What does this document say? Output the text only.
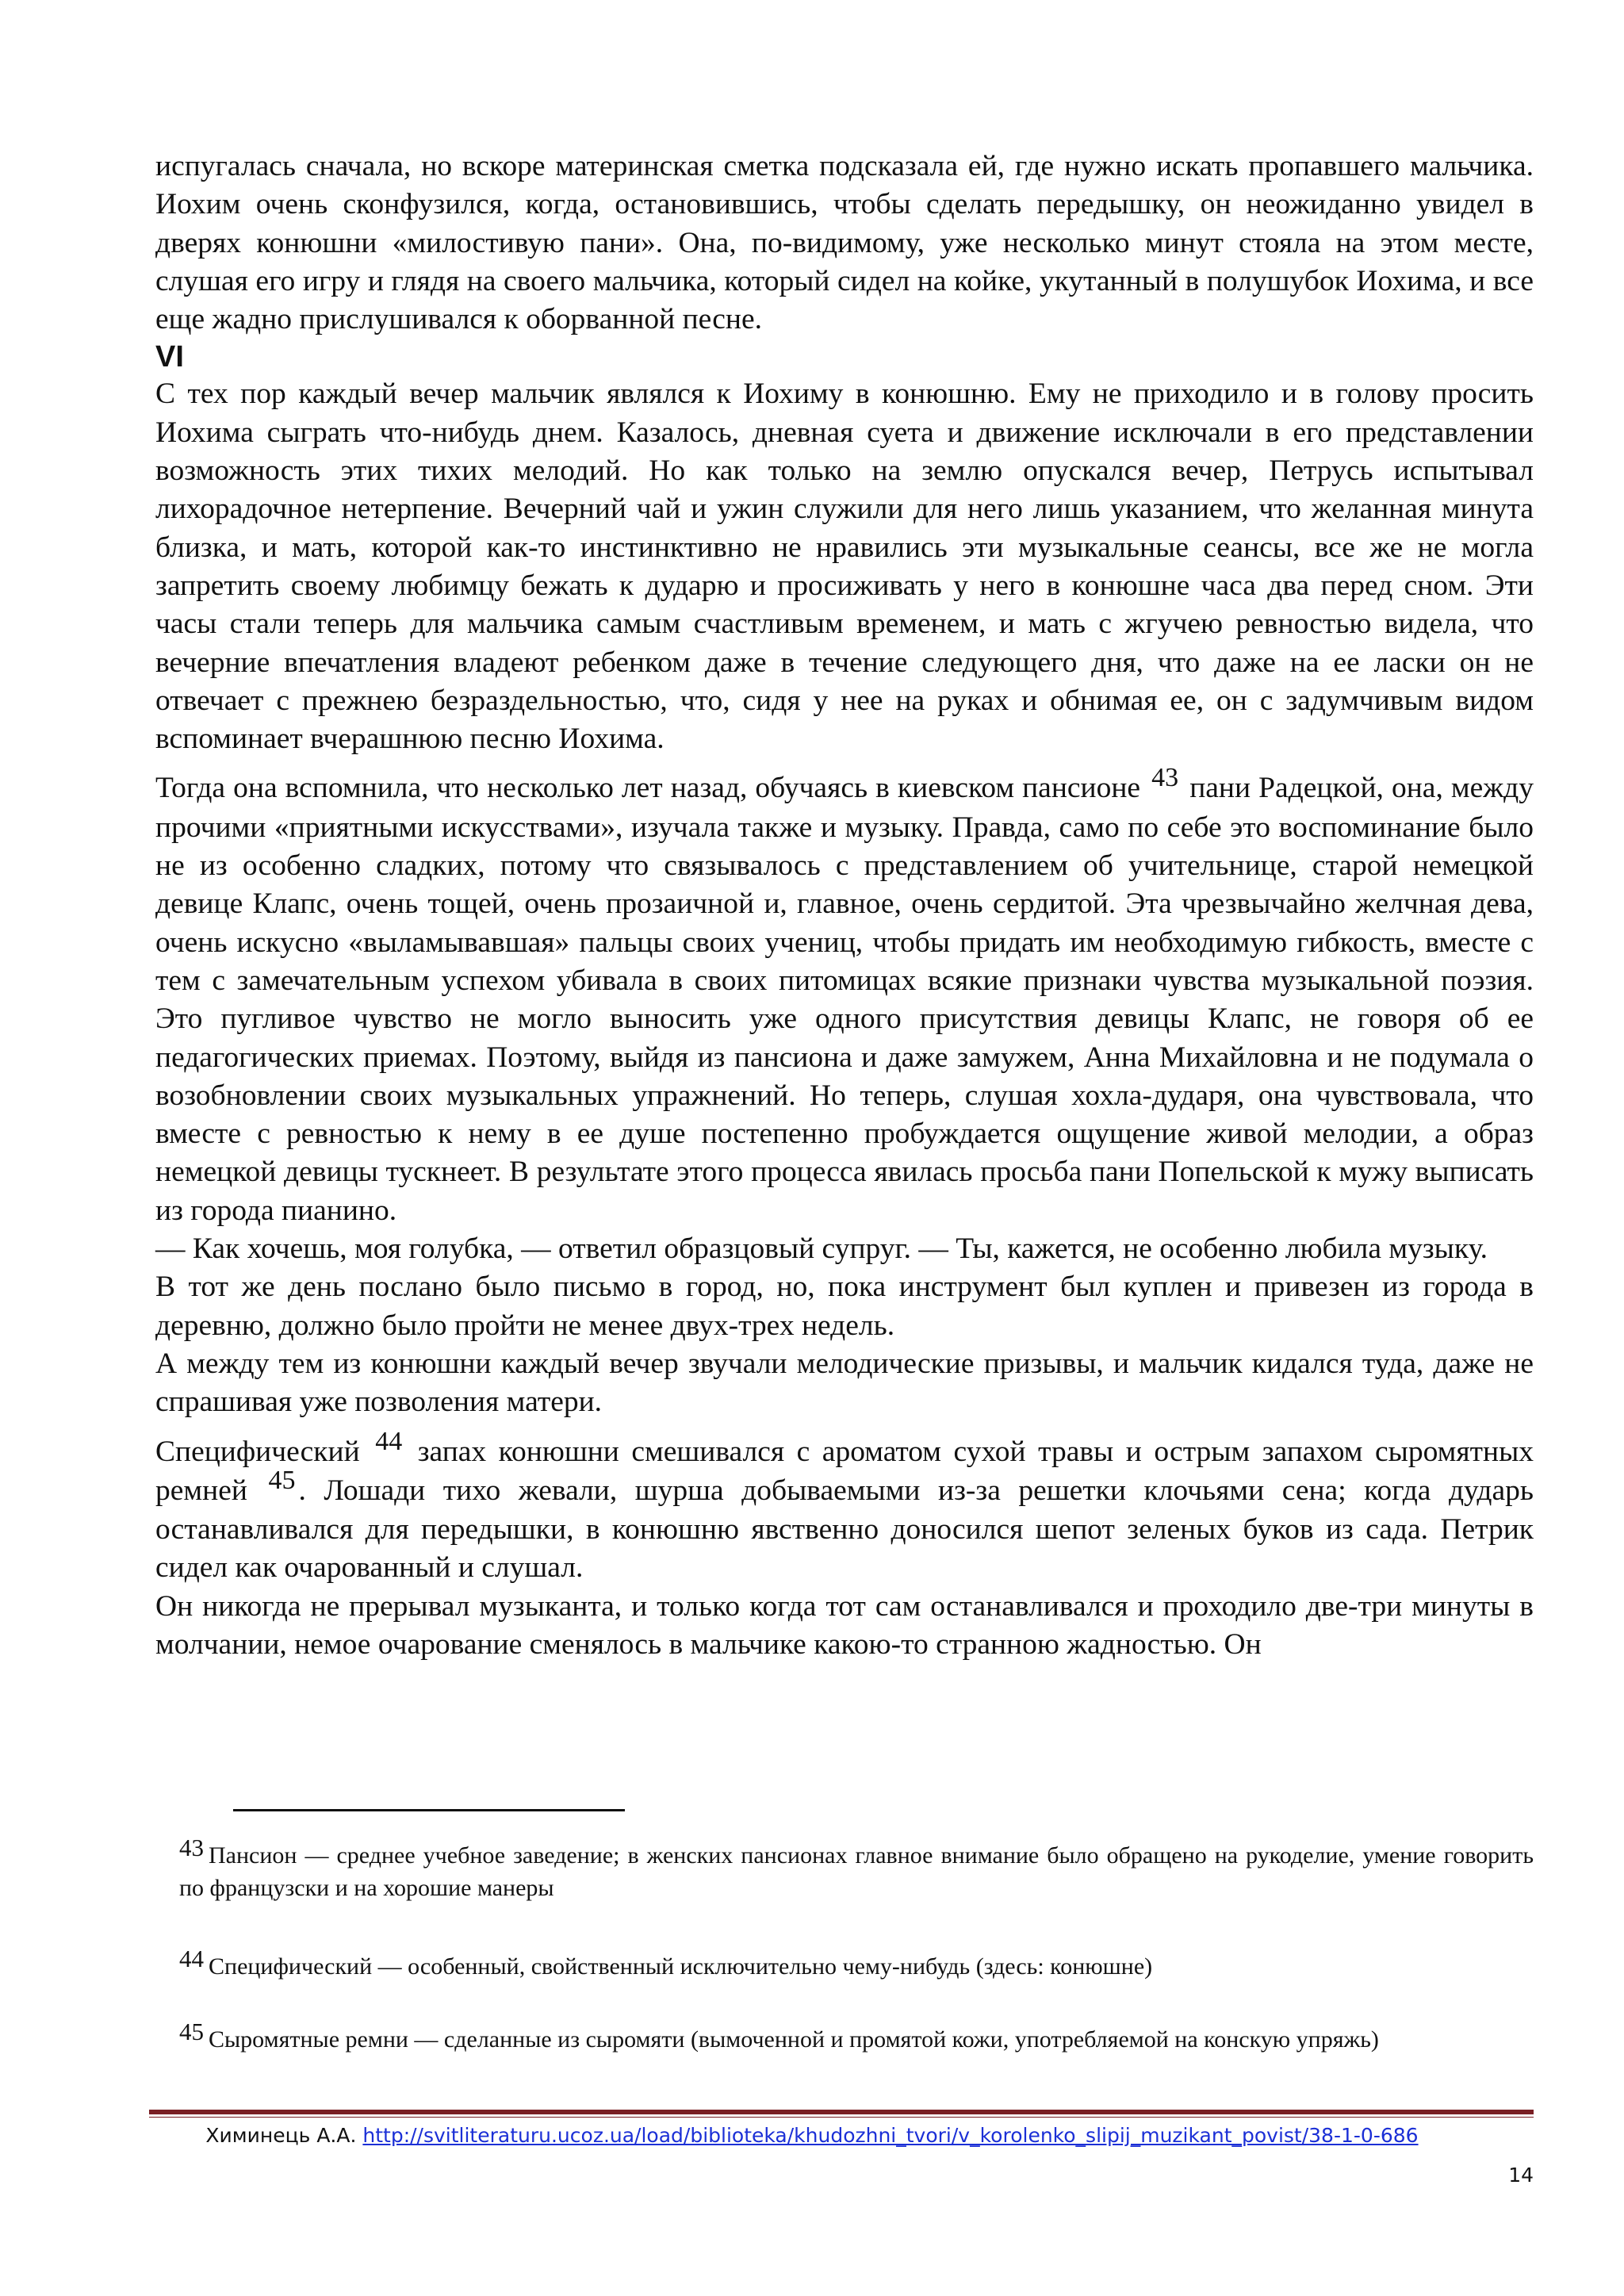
испугалась сначала, но вскоре материнская сметка подсказала ей, где нужно искать пропавшего мальчика. Иохим очень сконфузился, когда, остановившись, чтобы сделать передышку, он неожиданно увидел в дверях конюшни «милостивую пани». Она, по-видимому, уже несколько минут стояла на этом месте, слушая его игру и глядя на своего мальчика, который сидел на койке, укутанный в полушубок Иохима, и все еще жадно прислушивался к оборванной песне.

VI

С тех пор каждый вечер мальчик являлся к Иохиму в конюшню. Ему не приходило и в голову просить Иохима сыграть что-нибудь днем. Казалось, дневная суета и движение исключали в его представлении возможность этих тихих мелодий. Но как только на землю опускался вечер, Петрусь испытывал лихорадочное нетерпение. Вечерний чай и ужин служили для него лишь указанием, что желанная минута близка, и мать, которой как-то инстинктивно не нравились эти музыкальные сеансы, все же не могла запретить своему любимцу бежать к дударю и просиживать у него в конюшне часа два перед сном. Эти часы стали теперь для мальчика самым счастливым временем, и мать с жгучею ревностью видела, что вечерние впечатления владеют ребенком даже в течение следующего дня, что даже на ее ласки он не отвечает с прежнею безраздельностью, что, сидя у нее на руках и обнимая ее, он с задумчивым видом вспоминает вчерашнюю песню Иохима.

Тогда она вспомнила, что несколько лет назад, обучаясь в киевском пансионе 43 пани Радецкой, она, между прочими «приятными искусствами», изучала также и музыку. Правда, само по себе это воспоминание было не из особенно сладких, потому что связывалось с представлением об учительнице, старой немецкой девице Клапс, очень тощей, очень прозаичной и, главное, очень сердитой. Эта чрезвычайно желчная дева, очень искусно «выламывавшая» пальцы своих учениц, чтобы придать им необходимую гибкость, вместе с тем с замечательным успехом убивала в своих питомицах всякие признаки чувства музыкальной поэзия. Это пугливое чувство не могло выносить уже одного присутствия девицы Клапс, не говоря об ее педагогических приемах. Поэтому, выйдя из пансиона и даже замужем, Анна Михайловна и не подумала о возобновлении своих музыкальных упражнений. Но теперь, слушая хохла-дударя, она чувствовала, что вместе с ревностью к нему в ее душе постепенно пробуждается ощущение живой мелодии, а образ немецкой девицы тускнеет. В результате этого процесса явилась просьба пани Попельской к мужу выписать из города пианино.

— Как хочешь, моя голубка, — ответил образцовый супруг. — Ты, кажется, не особенно любила музыку.

В тот же день послано было письмо в город, но, пока инструмент был куплен и привезен из города в деревню, должно было пройти не менее двух-трех недель.

А между тем из конюшни каждый вечер звучали мелодические призывы, и мальчик кидался туда, даже не спрашивая уже позволения матери.

Специфический 44 запах конюшни смешивался с ароматом сухой травы и острым запахом сыромятных ремней 45 . Лошади тихо жевали, шурша добываемыми из-за решетки клочьями сена; когда дударь останавливался для передышки, в конюшню явственно доносился шепот зеленых буков из сада. Петрик сидел как очарованный и слушал.

Он никогда не прерывал музыканта, и только когда тот сам останавливался и проходило две-три минуты в молчании, немое очарование сменялось в мальчике какою-то странною жадностью. Он

43 Пансион — среднее учебное заведение; в женских пансионах главное внимание было обращено на рукоделие, умение говорить по французски и на хорошие манеры
44 Специфический — особенный, свойственный исключительно чему-нибудь (здесь: конюшне)
45 Сыромятные ремни — сделанные из сыромяти (вымоченной и промятой кожи, употребляемой на конскую упряжь)
Химинець А.А. http://svitliteraturu.ucoz.ua/load/biblioteka/khudozhni_tvori/v_korolenko_slipij_muzikant_povist/38-1-0-686
14
